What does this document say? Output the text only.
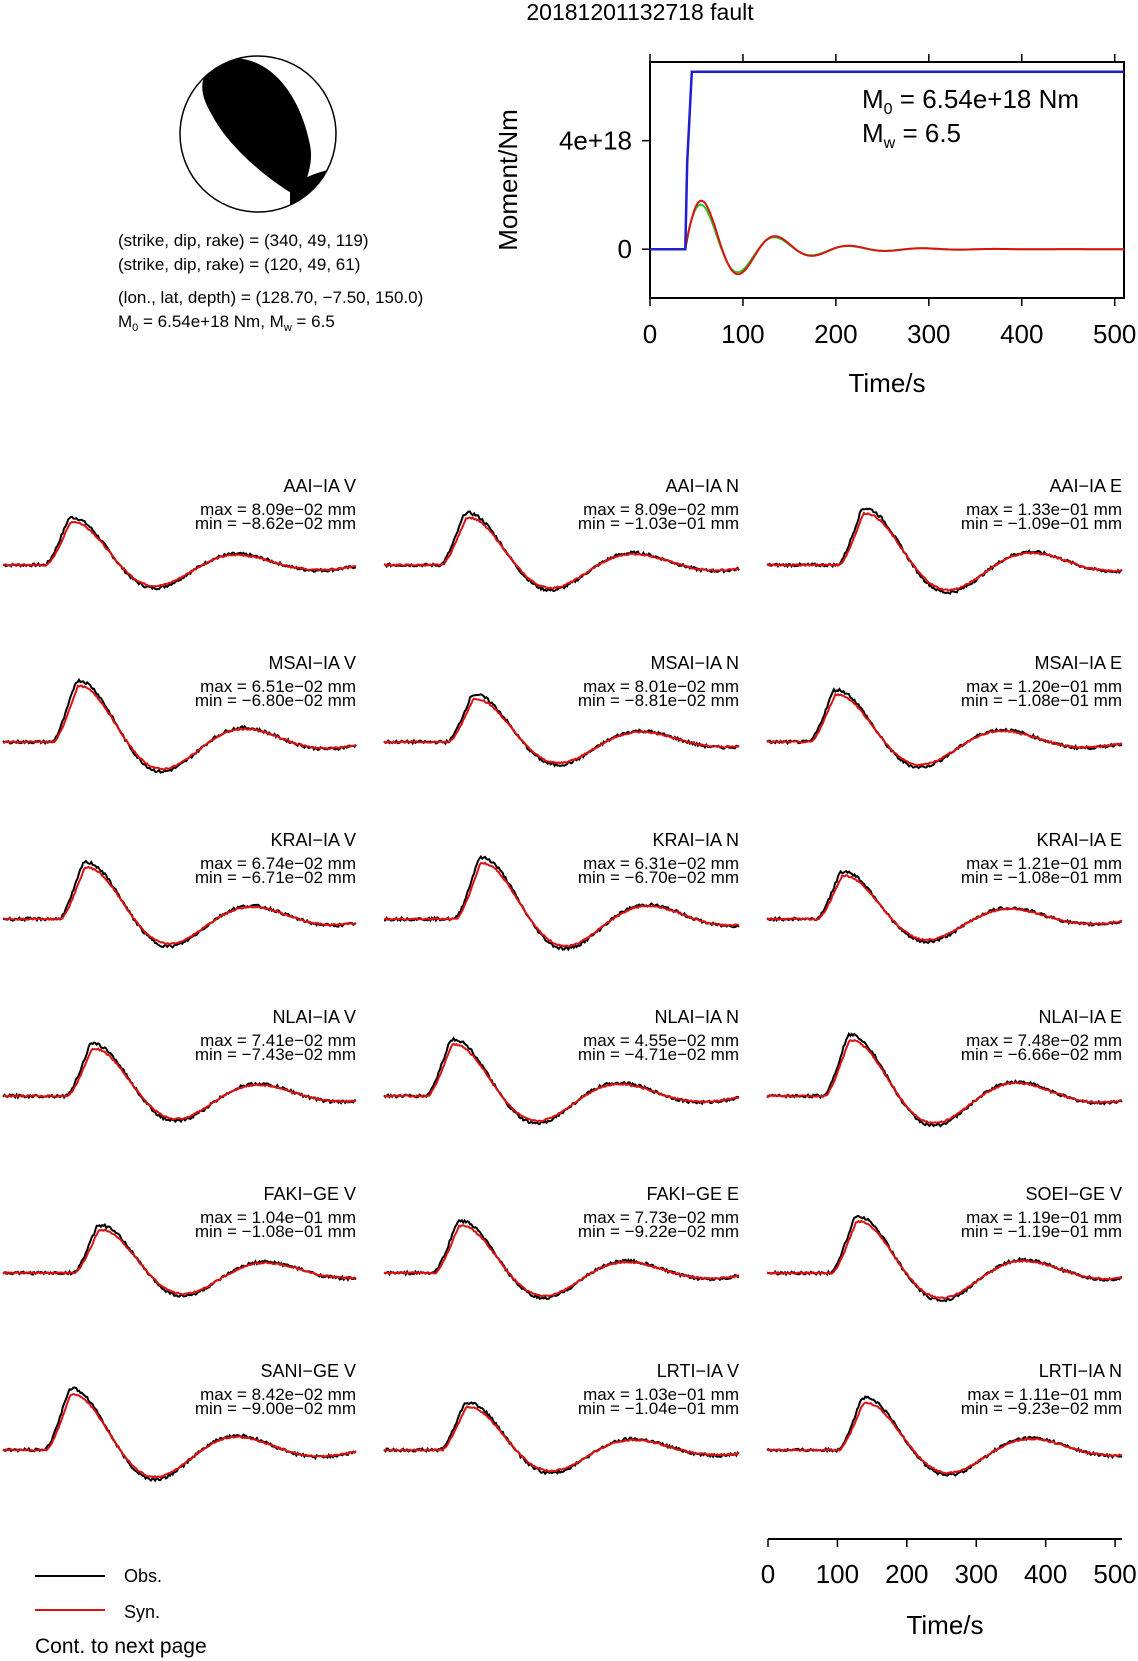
20181201132718 fault
(strike, dip, rake) = (340, 49, 119)
(strike, dip, rake) = (120, 49, 61)
(lon., lat, depth) = (128.70, −7.50, 150.0)
$M_0 = 6.54e+18$ Nm, $M_w = 6.5$	0 100 200 300 400 500
4e+18
0
$M_0 = 6.54e+18$ Nm
$M_w = 6.5$
Moment/Nm
Time/s
AAI−IA V
max = 8.09e−02 mm
min = −8.62e−02 mm
AAI−IA N
max = 8.09e−02 mm
min = −1.03e−01 mm
AAI−IA E
max = 1.33e−01 mm
min = −1.09e−01 mm
MSAI−IA V
max = 6.51e−02 mm
min = −6.80e−02 mm
MSAI−IA N
max = 8.01e−02 mm
min = −8.81e−02 mm
MSAI−IA E
max = 1.20e−01 mm
min = −1.08e−01 mm
KRAI−IA V
max = 6.74e−02 mm
min = −6.71e−02 mm
KRAI−IA N
max = 6.31e−02 mm
min = −6.70e−02 mm
KRAI−IA E
max = 1.21e−01 mm
min = −1.08e−01 mm
NLAI−IA V
max = 7.41e−02 mm
min = −7.43e−02 mm
NLAI−IA N
max = 4.55e−02 mm
min = −4.71e−02 mm
NLAI−IA E
max = 7.48e−02 mm
min = −6.66e−02 mm
FAKI−GE V
max = 1.04e−01 mm
min = −1.08e−01 mm
FAKI−GE E
max = 7.73e−02 mm
min = −9.22e−02 mm
SOEI−GE V
max = 1.19e−01 mm
min = −1.19e−01 mm
SANI−GE V
max = 8.42e−02 mm
min = −9.00e−02 mm
LRTI−IA V
max = 1.03e−01 mm
min = −1.04e−01 mm
LRTI−IA N
max = 1.11e−01 mm
min = −9.23e−02 mm
Time/s
0 100 200 300 400 500
Obs.
Syn.
Cont. to next page
